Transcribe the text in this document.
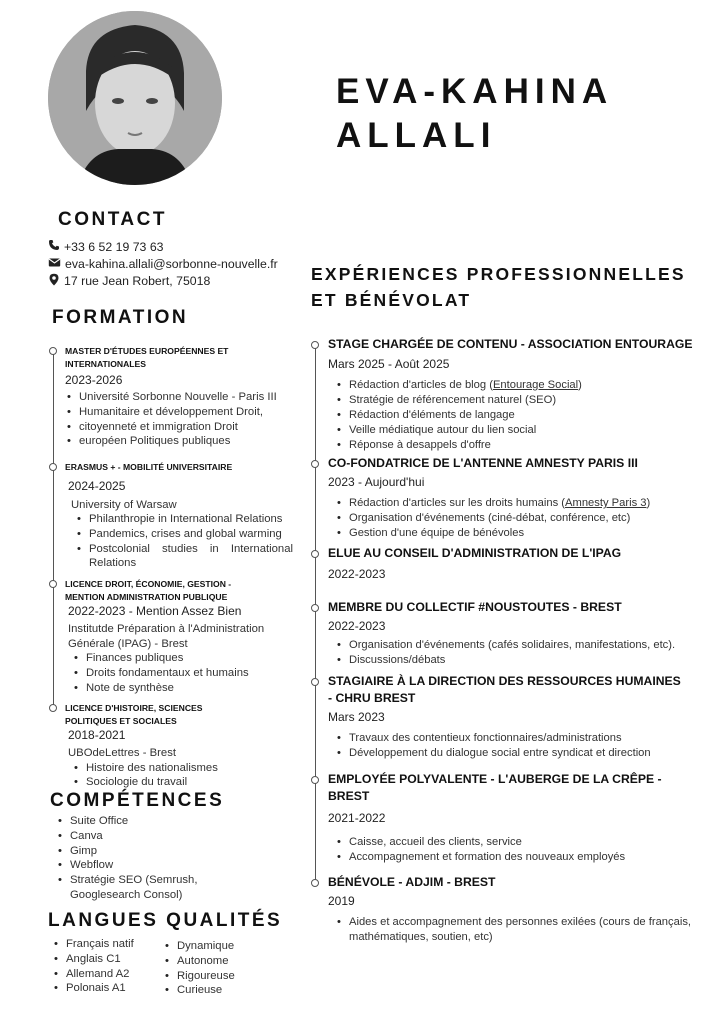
EVA-KAHINA
ALLALI
CONTACT
+33 6 52 19 73 63
eva-kahina.allali@sorbonne-nouvelle.fr
17 rue Jean Robert, 75018
FORMATION
MASTER D'ÉTUDES EUROPÉENNES ET INTERNATIONALES
2023-2026
• Université Sorbonne Nouvelle - Paris III
• Humanitaire et développement Droit,
• citoyenneté et immigration Droit
• européen Politiques publiques
ERASMUS + - MOBILITÉ UNIVERSITAIRE
2024-2025
University of Warsaw
• Philanthropie in International Relations
• Pandemics, crises and global warming
• Postcolonial studies in International Relations
LICENCE DROIT, ÉCONOMIE, GESTION - MENTION ADMINISTRATION PUBLIQUE
2022-2023 - Mention Assez Bien
Institutde Préparation à l'Administration Générale (IPAG) - Brest
• Finances publiques
• Droits fondamentaux et humains
• Note de synthèse
LICENCE D'HISTOIRE, SCIENCES POLITIQUES ET SOCIALES
2018-2021
UBOdeLettres - Brest
• Histoire des nationalismes
• Sociologie du travail
COMPÉTENCES
• Suite Office
• Canva
• Gimp
• Webflow
• Stratégie SEO (Semrush, Googlesearch Consol)
LANGUES QUALITÉS
• Français natif
• Anglais C1
• Allemand A2
• Polonais A1
• Dynamique
• Autonome
• Rigoureuse
• Curieuse
EXPÉRIENCES PROFESSIONNELLES
ET BÉNÉVOLAT
STAGE CHARGÉE DE CONTENU - ASSOCIATION ENTOURAGE
Mars 2025 - Août 2025
• Rédaction d'articles de blog (Entourage Social)
• Stratégie de référencement naturel (SEO)
• Rédaction d'éléments de langage
• Veille médiatique autour du lien social
• Réponse à desappels d'offre
CO-FONDATRICE DE L'ANTENNE AMNESTY PARIS III
2023 - Aujourd'hui
• Rédaction d'articles sur les droits humains (Amnesty Paris 3)
• Organisation d'événements (ciné-débat, conférence, etc)
• Gestion d'une équipe de bénévoles
ELUE AU CONSEIL D'ADMINISTRATION DE L'IPAG
2022-2023
MEMBRE DU COLLECTIF #NOUSTOUTES - BREST
2022-2023
• Organisation d'événements (cafés solidaires, manifestations, etc).
• Discussions/débats
STAGIAIRE À LA DIRECTION DES RESSOURCES HUMAINES - CHRU BREST
Mars 2023
• Travaux des contentieux fonctionnaires/administrations
• Développement du dialogue social entre syndicat et direction
EMPLOYÉE POLYVALENTE - L'AUBERGE DE LA CRÊPE - BREST
2021-2022
• Caisse, accueil des clients, service
• Accompagnement et formation des nouveaux employés
BÉNÉVOLE - ADJIM - BREST
2019
• Aides et accompagnement des personnes exilées (cours de français, mathématiques, soutien, etc)
